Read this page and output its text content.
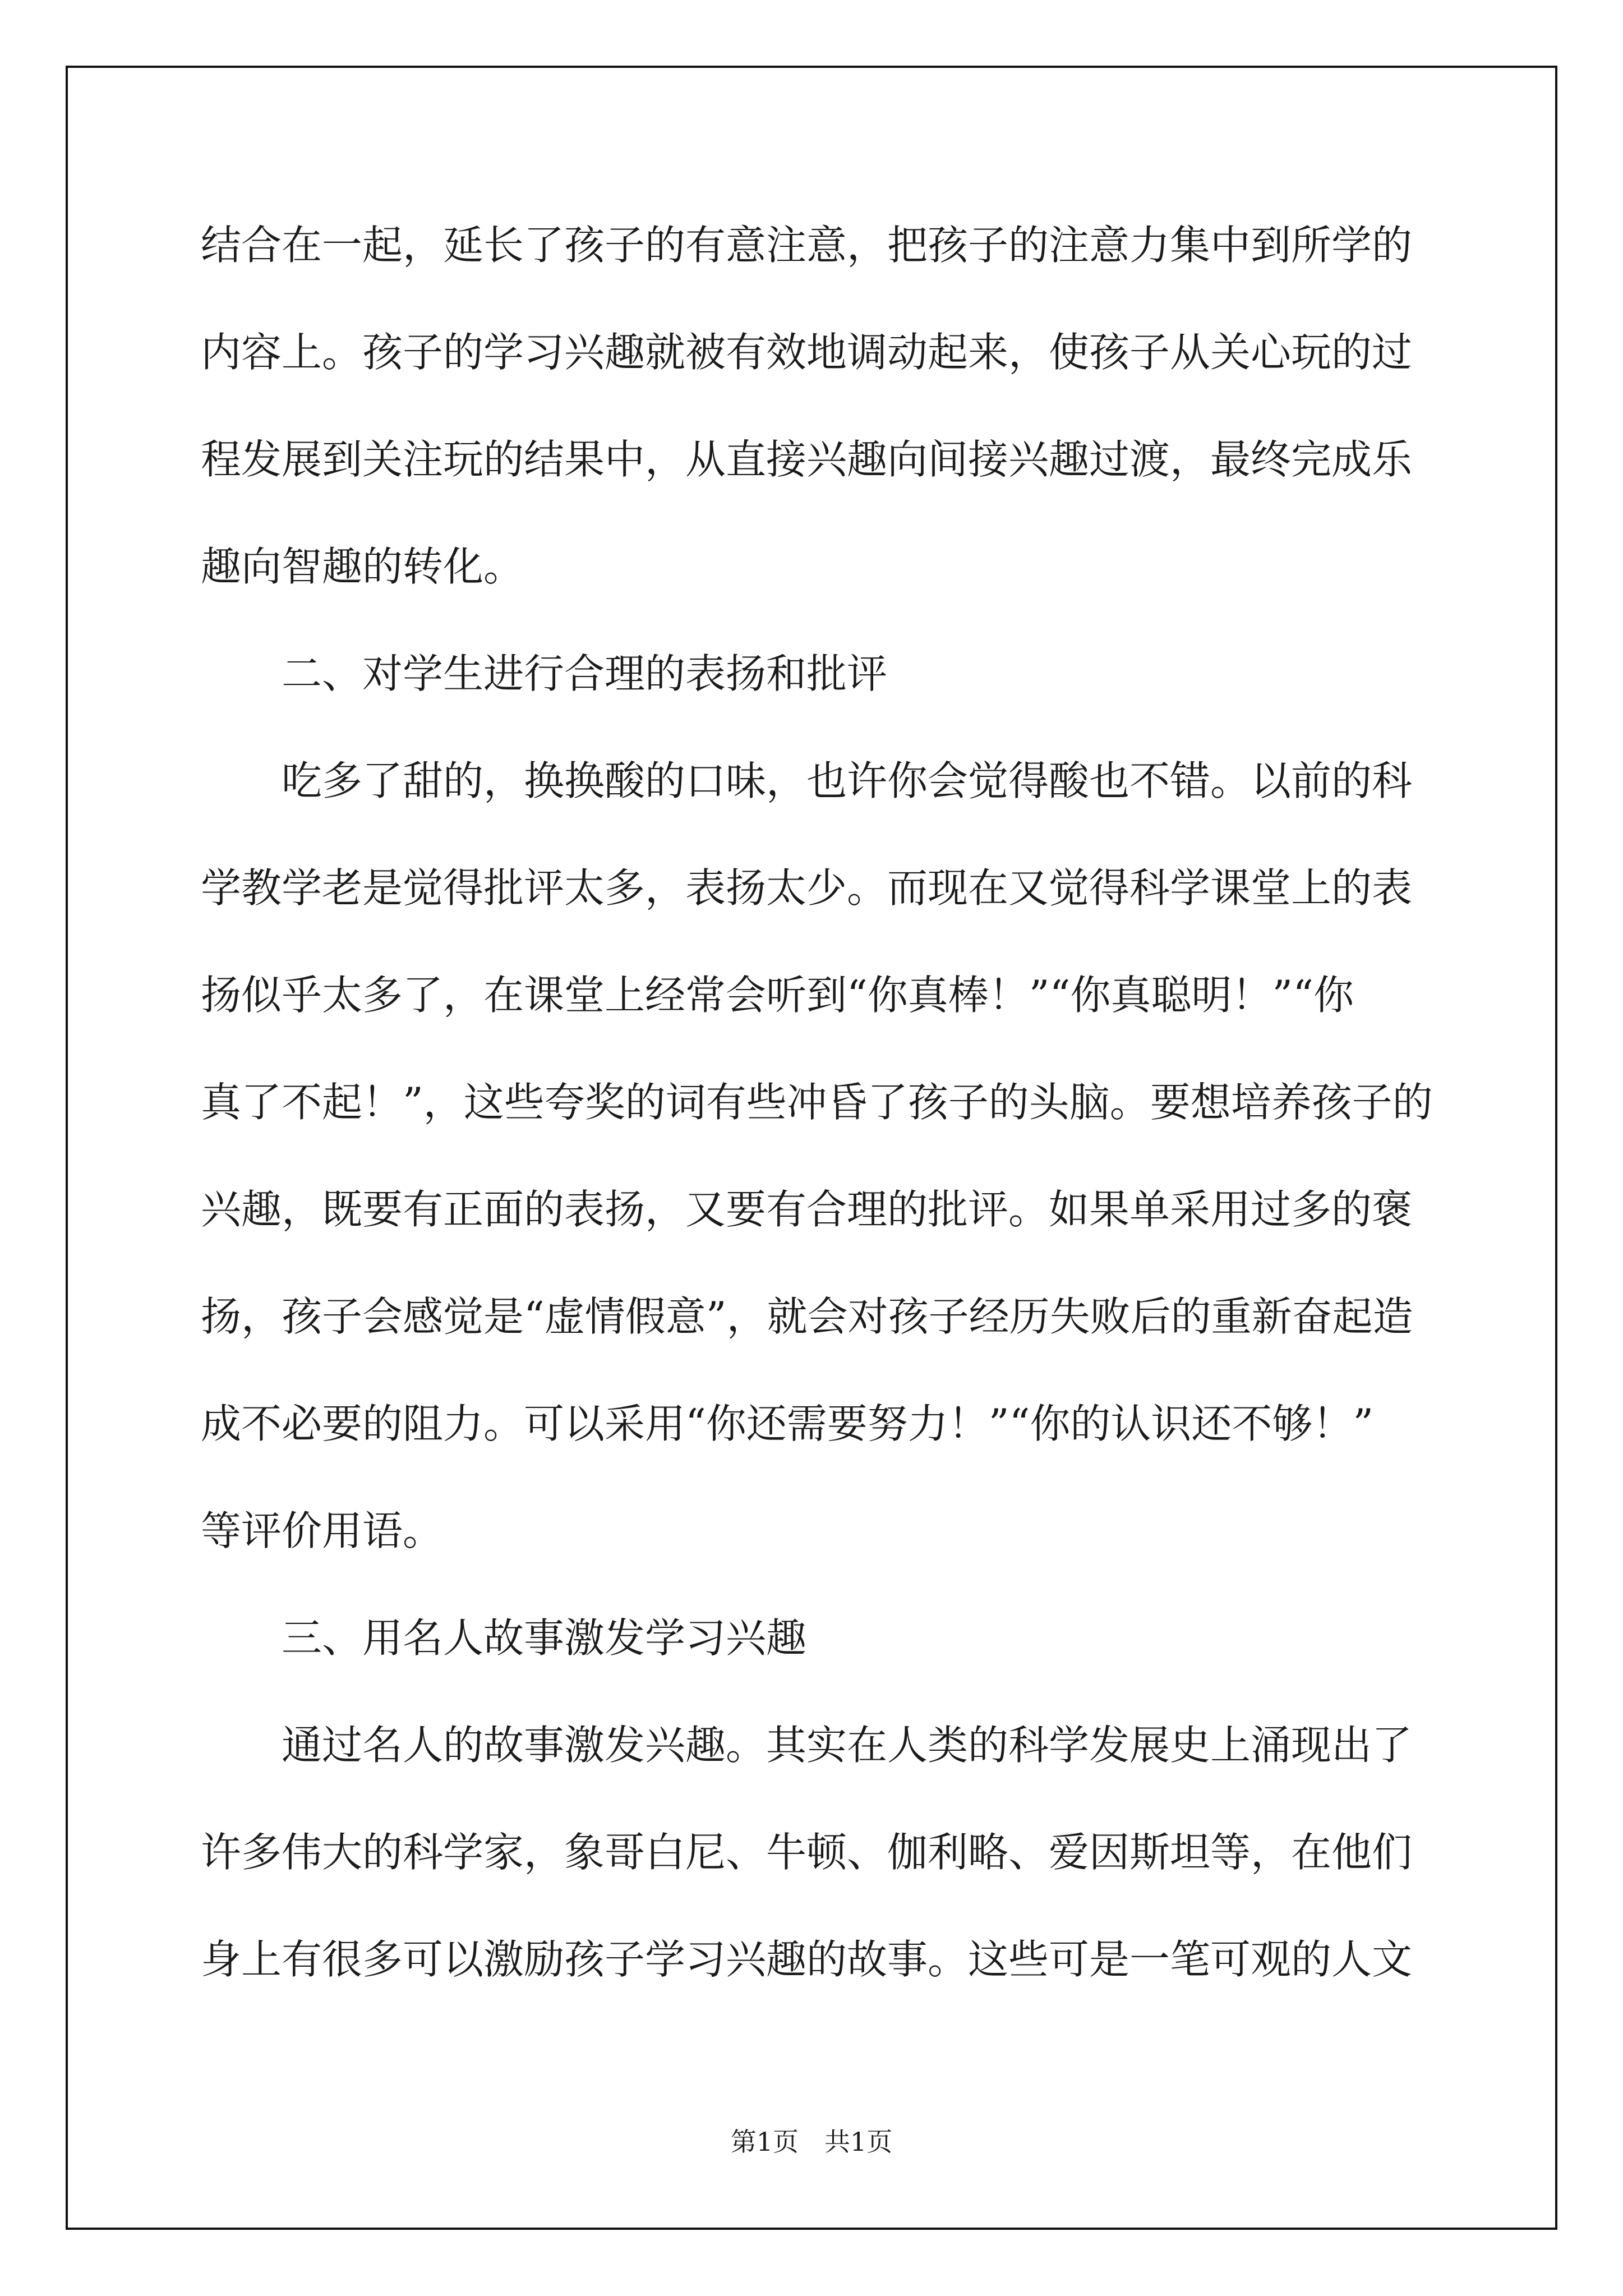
结合在一起，延长了孩子的有意注意，把孩子的注意力集中到所学的
内容上。孩子的学习兴趣就被有效地调动起来，使孩子从关心玩的过
程发展到关注玩的结果中，从直接兴趣向间接兴趣过渡，最终完成乐
趣向智趣的转化。
二、对学生进行合理的表扬和批评
吃多了甜的，换换酸的口味，也许你会觉得酸也不错。以前的科
学教学老是觉得批评太多，表扬太少。而现在又觉得科学课堂上的表
扬似乎太多了，在课堂上经常会听到“你真棒！”“你真聪明！”“你
真了不起！”，这些夸奖的词有些冲昏了孩子的头脑。要想培养孩子的
兴趣，既要有正面的表扬，又要有合理的批评。如果单采用过多的褒
扬，孩子会感觉是“虚情假意”，就会对孩子经历失败后的重新奋起造
成不必要的阻力。可以采用“你还需要努力！”“你的认识还不够！”
等评价用语。
三、用名人故事激发学习兴趣
通过名人的故事激发兴趣。其实在人类的科学发展史上涌现出了
许多伟大的科学家，象哥白尼、牛顿、伽利略、爱因斯坦等，在他们
身上有很多可以激励孩子学习兴趣的故事。这些可是一笔可观的人文
第1页　共1页
